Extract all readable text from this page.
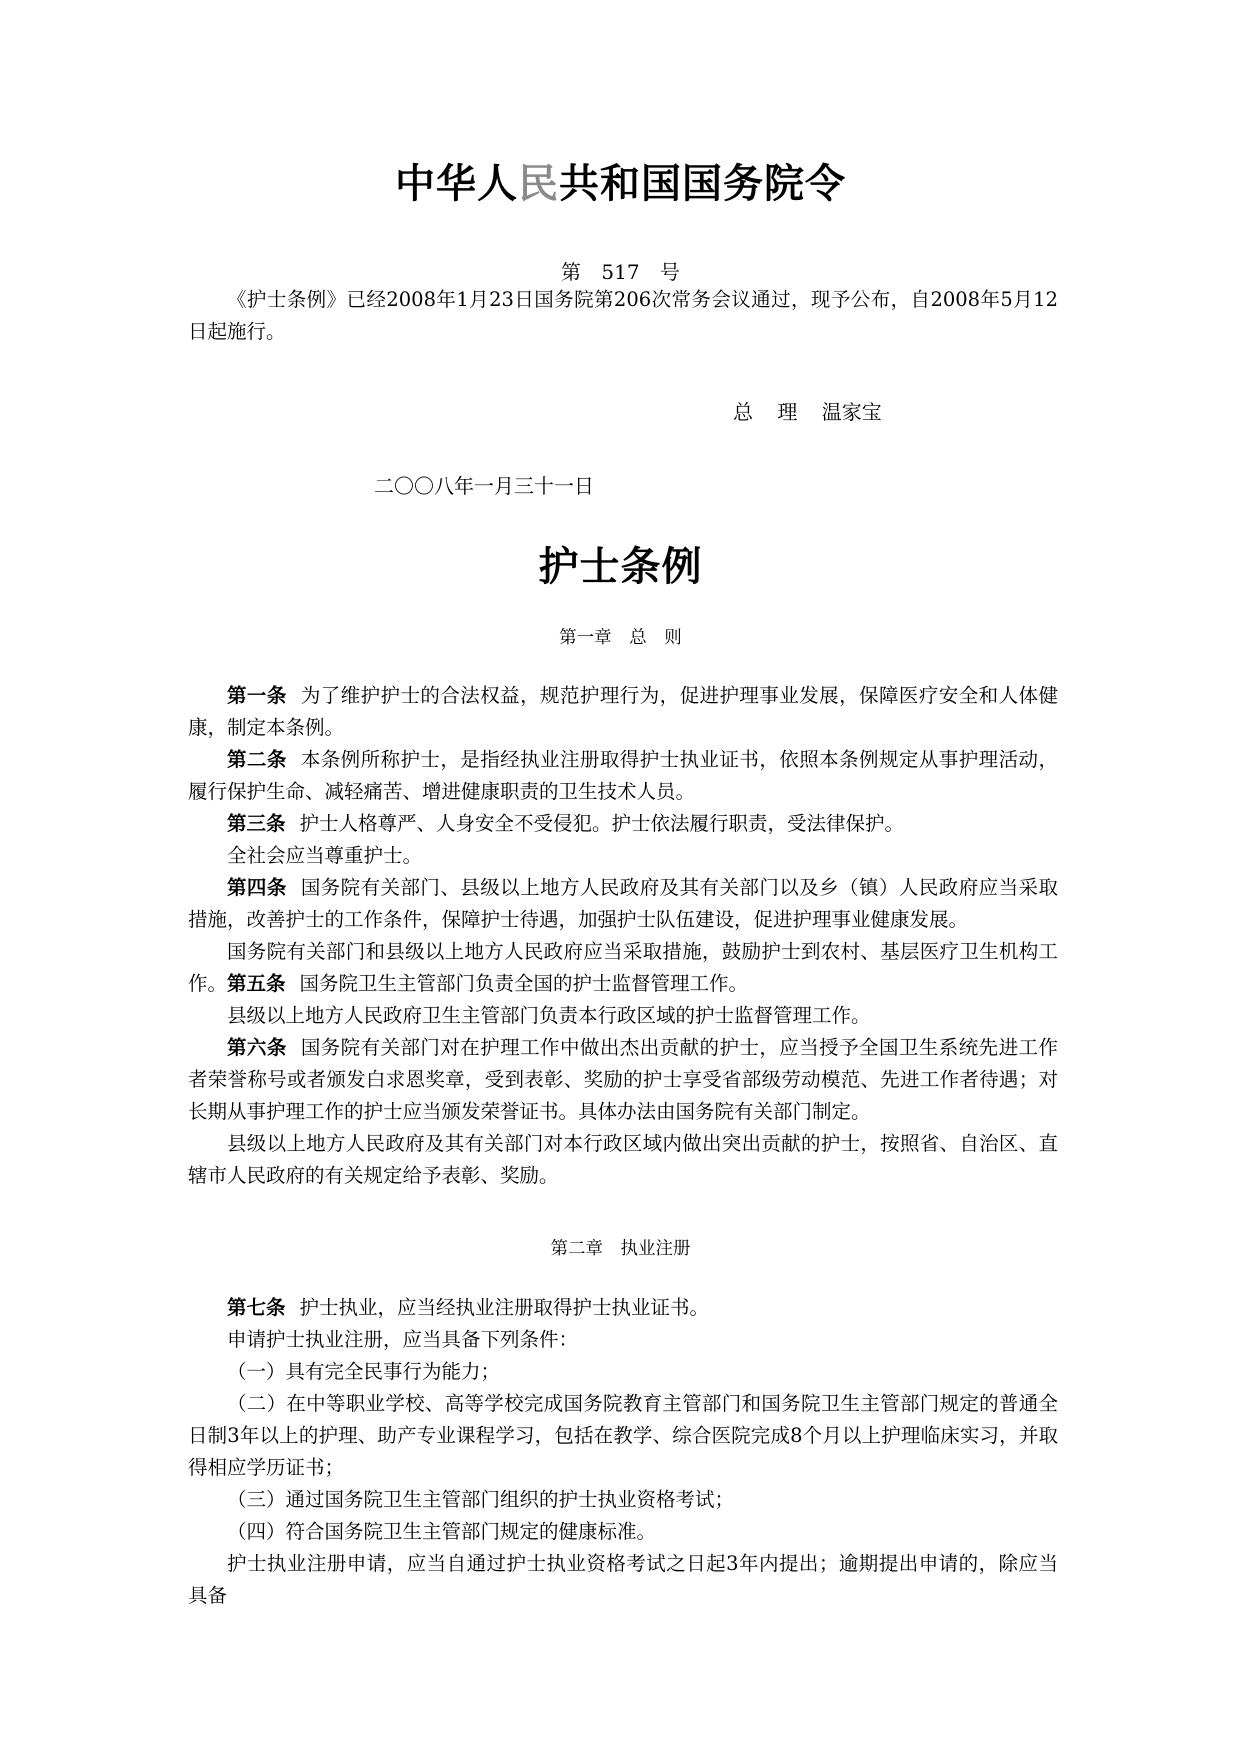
中华人民共和国国务院令
第 517 号
《护士条例》已经2008年1月23日国务院第206次常务会议通过，现予公布，自2008年5月12日起施行。
总 理 温家宝
二〇〇八年一月三十一日
护士条例
第一章 总 则
第一条 为了维护护士的合法权益，规范护理行为，促进护理事业发展，保障医疗安全和人体健康，制定本条例。
第二条 本条例所称护士，是指经执业注册取得护士执业证书，依照本条例规定从事护理活动，履行保护生命、减轻痛苦、增进健康职责的卫生技术人员。
第三条 护士人格尊严、人身安全不受侵犯。护士依法履行职责，受法律保护。
全社会应当尊重护士。
第四条 国务院有关部门、县级以上地方人民政府及其有关部门以及乡（镇）人民政府应当采取措施，改善护士的工作条件，保障护士待遇，加强护士队伍建设，促进护理事业健康发展。
国务院有关部门和县级以上地方人民政府应当采取措施，鼓励护士到农村、基层医疗卫生机构工作。 第五条 国务院卫生主管部门负责全国的护士监督管理工作。
县级以上地方人民政府卫生主管部门负责本行政区域的护士监督管理工作。
第六条 国务院有关部门对在护理工作中做出杰出贡献的护士，应当授予全国卫生系统先进工作者荣誉称号或者颁发白求恩奖章，受到表彰、奖励的护士享受省部级劳动模范、先进工作者待遇；对长期从事护理工作的护士应当颁发荣誉证书。具体办法由国务院有关部门制定。
县级以上地方人民政府及其有关部门对本行政区域内做出突出贡献的护士，按照省、自治区、直辖市人民政府的有关规定给予表彰、奖励。
第二章 执业注册
第七条 护士执业，应当经执业注册取得护士执业证书。
申请护士执业注册，应当具备下列条件：
（一）具有完全民事行为能力；
（二）在中等职业学校、高等学校完成国务院教育主管部门和国务院卫生主管部门规定的普通全日制3年以上的护理、助产专业课程学习，包括在教学、综合医院完成8个月以上护理临床实习，并取得相应学历证书；
（三）通过国务院卫生主管部门组织的护士执业资格考试；
（四）符合国务院卫生主管部门规定的健康标准。
护士执业注册申请，应当自通过护士执业资格考试之日起3年内提出；逾期提出申请的，除应当具备
